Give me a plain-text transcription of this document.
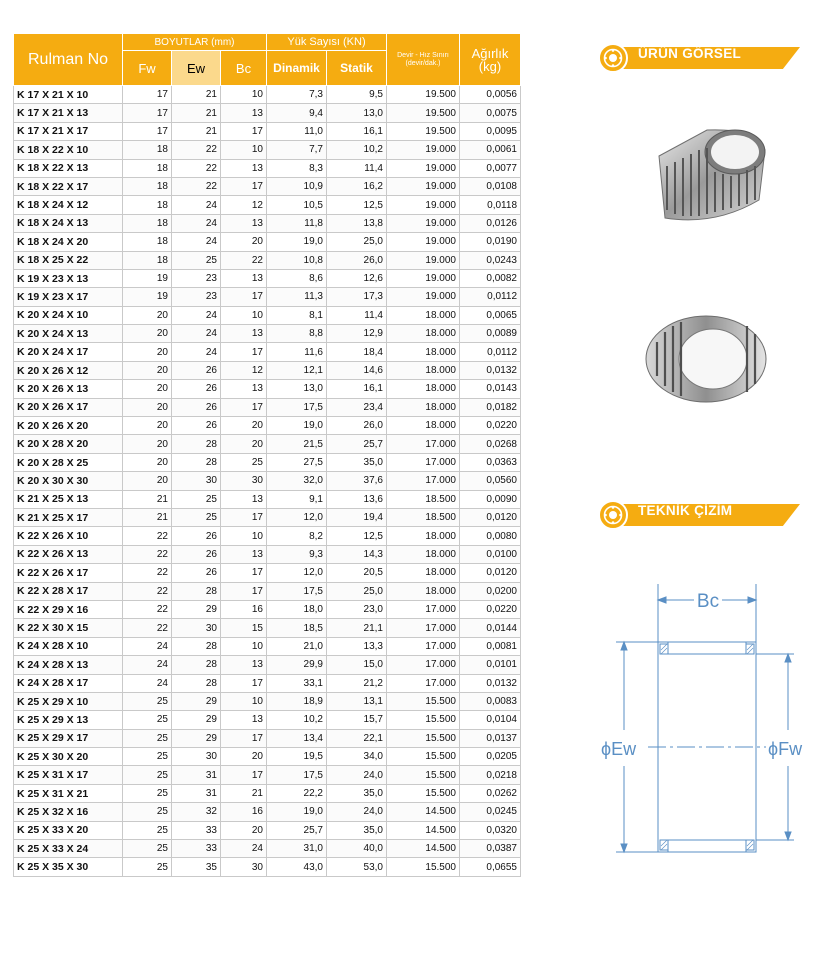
Rulman No	BOYUTLAR (mm)			Yük Sayısı (KN)		Devir - Hız Sınırı (devir/dak.)	Ağırlık (kg)
	Fw	Ew	Bc	Dinamik	Statik		
K 17 X 21 X 10	17	21	10	7,3	9,5	19.500	0,0056
K 17 X 21 X 13	17	21	13	9,4	13,0	19.500	0,0075
K 17 X 21 X 17	17	21	17	11,0	16,1	19.500	0,0095
K 18 X 22 X 10	18	22	10	7,7	10,2	19.000	0,0061
K 18 X 22 X 13	18	22	13	8,3	11,4	19.000	0,0077
K 18 X 22 X 17	18	22	17	10,9	16,2	19.000	0,0108
K 18 X 24 X 12	18	24	12	10,5	12,5	19.000	0,0118
K 18 X 24 X 13	18	24	13	11,8	13,8	19.000	0,0126
K 18 X 24 X 20	18	24	20	19,0	25,0	19.000	0,0190
K 18 X 25 X 22	18	25	22	10,8	26,0	19.000	0,0243
K 19 X 23 X 13	19	23	13	8,6	12,6	19.000	0,0082
K 19 X 23 X 17	19	23	17	11,3	17,3	19.000	0,0112
K 20 X 24 X 10	20	24	10	8,1	11,4	18.000	0,0065
K 20 X 24 X 13	20	24	13	8,8	12,9	18.000	0,0089
K 20 X 24 X 17	20	24	17	11,6	18,4	18.000	0,0112
K 20 X 26 X 12	20	26	12	12,1	14,6	18.000	0,0132
K 20 X 26 X 13	20	26	13	13,0	16,1	18.000	0,0143
K 20 X 26 X 17	20	26	17	17,5	23,4	18.000	0,0182
K 20 X 26 X 20	20	26	20	19,0	26,0	18.000	0,0220
K 20 X 28 X 20	20	28	20	21,5	25,7	17.000	0,0268
K 20 X 28 X 25	20	28	25	27,5	35,0	17.000	0,0363
K 20 X 30 X 30	20	30	30	32,0	37,6	17.000	0,0560
K 21 X 25 X 13	21	25	13	9,1	13,6	18.500	0,0090
K 21 X 25 X 17	21	25	17	12,0	19,4	18.500	0,0120
K 22 X 26 X 10	22	26	10	8,2	12,5	18.000	0,0080
K 22 X 26 X 13	22	26	13	9,3	14,3	18.000	0,0100
K 22 X 26 X 17	22	26	17	12,0	20,5	18.000	0,0120
K 22 X 28 X 17	22	28	17	17,5	25,0	18.000	0,0200
K 22 X 29 X 16	22	29	16	18,0	23,0	17.000	0,0220
K 22 X 30 X 15	22	30	15	18,5	21,1	17.000	0,0144
K 24 X 28 X 10	24	28	10	21,0	13,3	17.000	0,0081
K 24 X 28 X 13	24	28	13	29,9	15,0	17.000	0,0101
K 24 X 28 X 17	24	28	17	33,1	21,2	17.000	0,0132
K 25 X 29 X 10	25	29	10	18,9	13,1	15.500	0,0083
K 25 X 29 X 13	25	29	13	10,2	15,7	15.500	0,0104
K 25 X 29 X 17	25	29	17	13,4	22,1	15.500	0,0137
K 25 X 30 X 20	25	30	20	19,5	34,0	15.500	0,0205
K 25 X 31 X 17	25	31	17	17,5	24,0	15.500	0,0218
K 25 X 31 X 21	25	31	21	22,2	35,0	15.500	0,0262
K 25 X 32 X 16	25	32	16	19,0	24,0	14.500	0,0245
K 25 X 33 X 20	25	33	20	25,7	35,0	14.500	0,0320
K 25 X 33 X 24	25	33	24	31,0	40,0	14.500	0,0387
K 25 X 35 X 30	25	35	30	43,0	53,0	15.500	0,0655
ÜRÜN GÖRSEL
TEKNİK ÇİZİM
Bc
ϕEw	ϕFw
